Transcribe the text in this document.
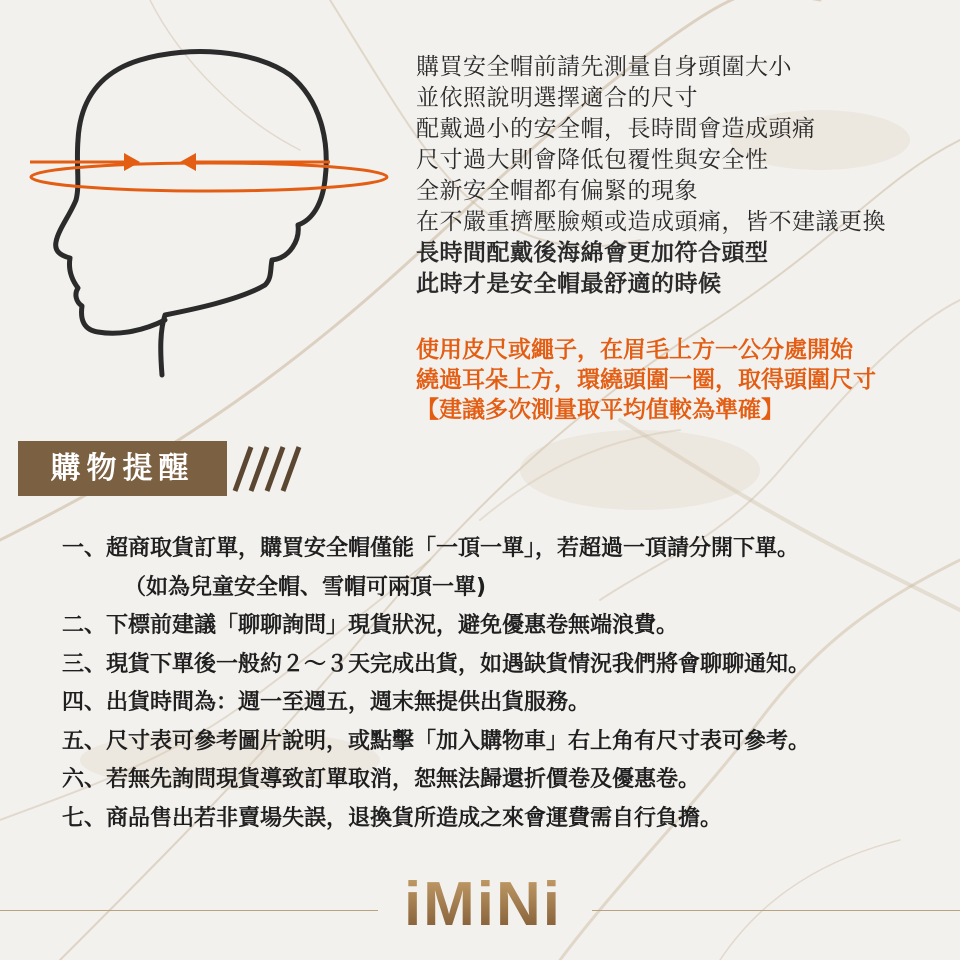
購買安全帽前請先測量自身頭圍大小
並依照說明選擇適合的尺寸
配戴過小的安全帽，長時間會造成頭痛
尺寸過大則會降低包覆性與安全性
全新安全帽都有偏緊的現象
在不嚴重擠壓臉頰或造成頭痛，皆不建議更換
長時間配戴後海綿會更加符合頭型
此時才是安全帽最舒適的時候
使用皮尺或繩子，在眉毛上方一公分處開始
繞過耳朵上方，環繞頭圍一圈，取得頭圍尺寸
【建議多次測量取平均值較為準確】
購物提醒
一、超商取貨訂單，購買安全帽僅能「一頂一單」，若超過一頂請分開下單。
（如為兒童安全帽、雪帽可兩頂一單)
二、下標前建議「聊聊詢問」現貨狀況，避免優惠卷無端浪費。
三、現貨下單後一般約２～３天完成出貨，如遇缺貨情況我們將會聊聊通知。
四、出貨時間為：週一至週五，週末無提供出貨服務。
五、尺寸表可參考圖片說明，或點擊「加入購物車」右上角有尺寸表可參考。
六、若無先詢問現貨導致訂單取消，恕無法歸還折價卷及優惠卷。
七、商品售出若非賣場失誤，退換貨所造成之來會運費需自行負擔。
iMiNi
